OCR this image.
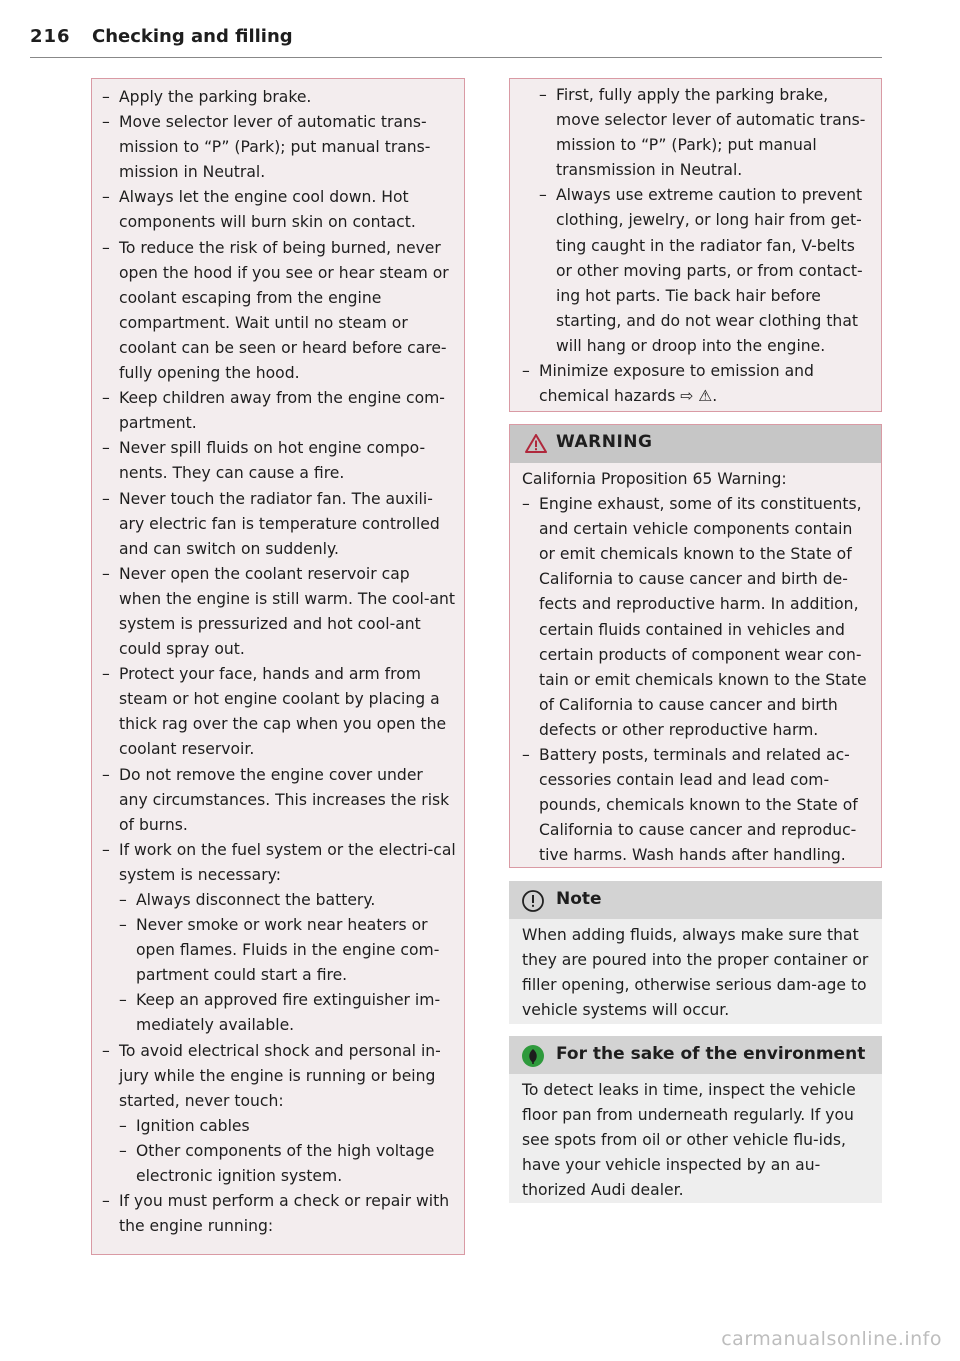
216 Checking and filling
– Apply the parking brake.
– Move selector lever of automatic trans-mission to “P” (Park); put manual trans-mission in Neutral.
– Always let the engine cool down. Hot components will burn skin on contact.
– To reduce the risk of being burned, never open the hood if you see or hear steam or coolant escaping from the engine compartment. Wait until no steam or coolant can be seen or heard before care-fully opening the hood.
– Keep children away from the engine com-partment.
– Never spill fluids on hot engine compo-nents. They can cause a fire.
– Never touch the radiator fan. The auxili-ary electric fan is temperature controlled and can switch on suddenly.
– Never open the coolant reservoir cap when the engine is still warm. The cool-ant system is pressurized and hot cool-ant could spray out.
– Protect your face, hands and arm from steam or hot engine coolant by placing a thick rag over the cap when you open the coolant reservoir.
– Do not remove the engine cover under any circumstances. This increases the risk of burns.
– If work on the fuel system or the electri-cal system is necessary:
– Always disconnect the battery.
– Never smoke or work near heaters or open flames. Fluids in the engine com-partment could start a fire.
– Keep an approved fire extinguisher im-mediately available.
– To avoid electrical shock and personal in-jury while the engine is running or being started, never touch:
– Ignition cables
– Other components of the high voltage electronic ignition system.
– If you must perform a check or repair with the engine running:
– First, fully apply the parking brake, move selector lever of automatic trans-mission to “P” (Park); put manual transmission in Neutral.
– Always use extreme caution to prevent clothing, jewelry, or long hair from get-ting caught in the radiator fan, V-belts or other moving parts, or from contact-ing hot parts. Tie back hair before starting, and do not wear clothing that will hang or droop into the engine.
– Minimize exposure to emission and chemical hazards ⇨ ⚠.
WARNING
California Proposition 65 Warning:
– Engine exhaust, some of its constituents, and certain vehicle components contain or emit chemicals known to the State of California to cause cancer and birth de-fects and reproductive harm. In addition, certain fluids contained in vehicles and certain products of component wear con-tain or emit chemicals known to the State of California to cause cancer and birth defects or other reproductive harm.
– Battery posts, terminals and related ac-cessories contain lead and lead com-pounds, chemicals known to the State of California to cause cancer and reproduc-tive harms. Wash hands after handling.
Note
When adding fluids, always make sure that they are poured into the proper container or filler opening, otherwise serious dam-age to vehicle systems will occur.
For the sake of the environment
To detect leaks in time, inspect the vehicle floor pan from underneath regularly. If you see spots from oil or other vehicle flu-ids, have your vehicle inspected by an au-thorized Audi dealer.
carmanualsonline.info
